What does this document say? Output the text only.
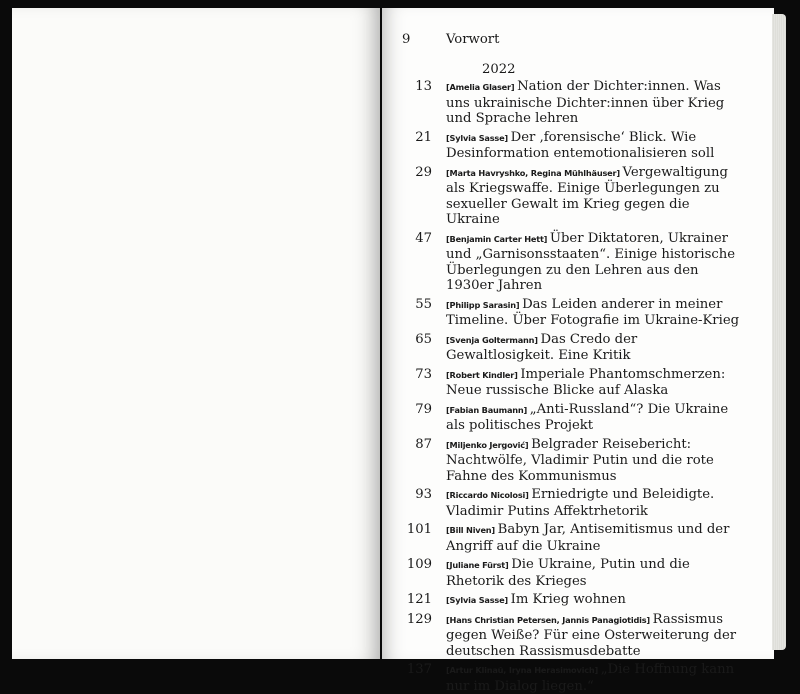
9	Vorwort
2022
13 [Amelia Glaser] Nation der Dichter:innen. Was uns ukrainische Dichter:innen über Krieg und Sprache lehren
21 [Sylvia Sasse] Der ‚forensische‘ Blick. Wie Desinformation entemotionalisieren soll
29 [Marta Havryshko, Regina Mühlhäuser] Vergewaltigung als Kriegswaffe. Einige Überlegungen zu sexueller Gewalt im Krieg gegen die Ukraine
47 [Benjamin Carter Hett] Über Diktatoren, Ukrainer und „Garnisonsstaaten“. Einige historische Überlegungen zu den Lehren aus den 1930er Jahren
55 [Philipp Sarasin] Das Leiden anderer in meiner Timeline. Über Fotografie im Ukraine-Krieg
65 [Svenja Goltermann] Das Credo der Gewaltlosigkeit. Eine Kritik
73 [Robert Kindler] Imperiale Phantomschmerzen: Neue russische Blicke auf Alaska
79 [Fabian Baumann] „Anti-Russland“? Die Ukraine als politisches Projekt
87 [Miljenko Jergović] Belgrader Reisebericht: Nachtwölfe, Vladimir Putin und die rote Fahne des Kommunismus
93 [Riccardo Nicolosi] Erniedrigte und Beleidigte. Vladimir Putins Affektrhetorik
101 [Bill Niven] Babyn Jar, Antisemitismus und der Angriff auf die Ukraine
109 [Juliane Fürst] Die Ukraine, Putin und die Rhetorik des Krieges
121 [Sylvia Sasse] Im Krieg wohnen
129 [Hans Christian Petersen, Jannis Panagiotidis] Rassismus gegen Weiße? Für eine Osterweiterung der deutschen Rassismusdebatte
137 [Artur Klinaŭ, Iryna Herasimovich] „Die Hoffnung kann nur im Dialog liegen.“
